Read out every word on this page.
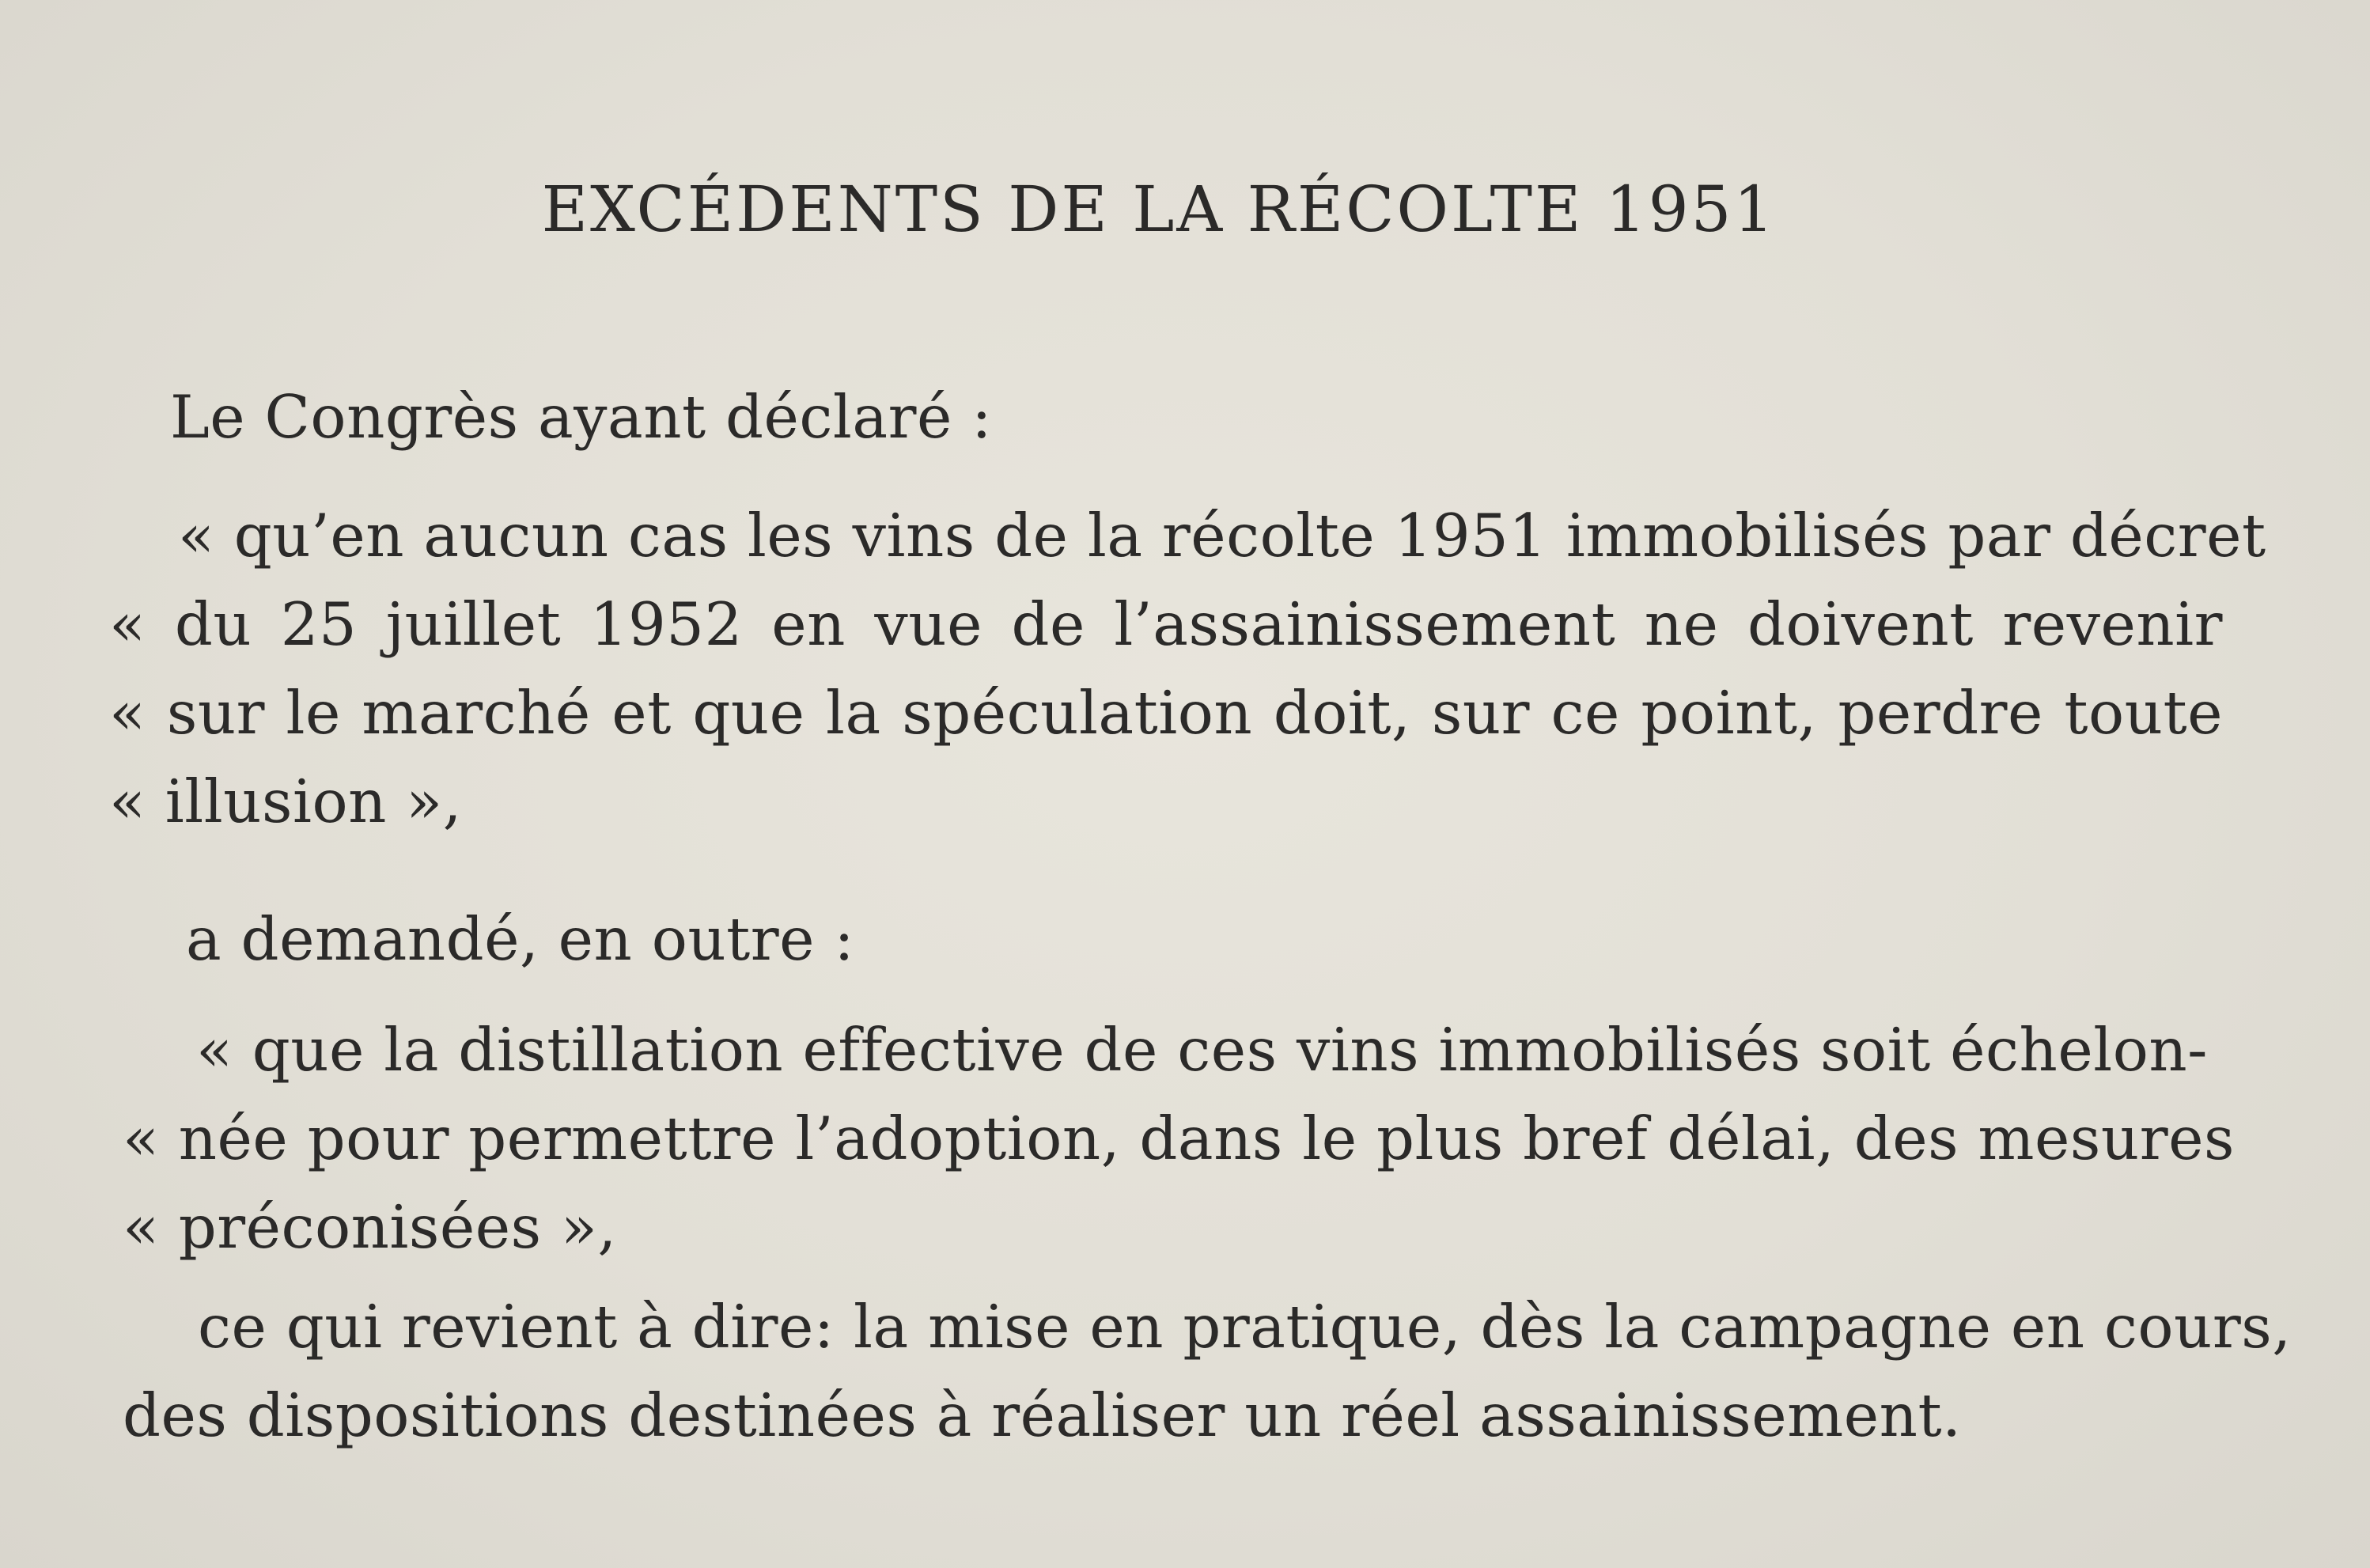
EXCÉDENTS DE LA RÉCOLTE 1951
Le Congrès ayant déclaré :
« qu’en aucun cas les vins de la récolte 1951 immobilisés par décret
« du 25 juillet 1952 en vue de l’assainissement ne doivent revenir
« sur le marché et que la spéculation doit, sur ce point, perdre toute
« illusion »,
a demandé, en outre :
« que la distillation effective de ces vins immobilisés soit échelon-
« née pour permettre l’adoption, dans le plus bref délai, des mesures
« préconisées »,
ce qui revient à dire: la mise en pratique, dès la campagne en cours,
des dispositions destinées à réaliser un réel assainissement.
